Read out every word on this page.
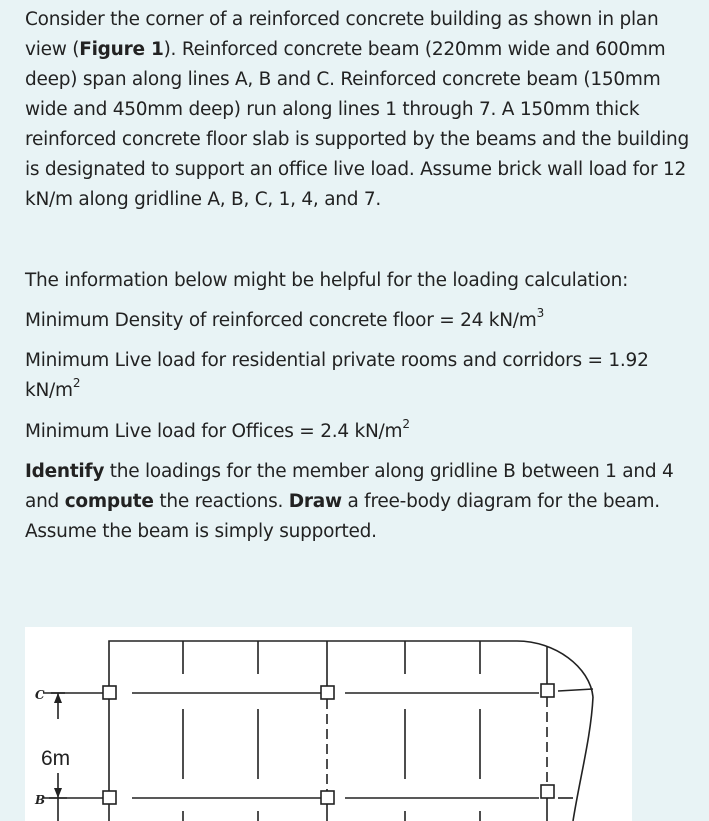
Consider the corner of a reinforced concrete building as shown in plan view (Figure 1). Reinforced concrete beam (220mm wide and 600mm deep) span along lines A, B and C. Reinforced concrete beam (150mm wide and 450mm deep) run along lines 1 through 7. A 150mm thick reinforced concrete floor slab is supported by the beams and the building is designated to support an office live load. Assume brick wall load for 12 kN/m along gridline A, B, C, 1, 4, and 7.

The information below might be helpful for the loading calculation:

Minimum Density of reinforced concrete floor = 24 $kN/m^3$

Minimum Live load for residential private rooms and corridors = 1.92 $kN/m^2$

Minimum Live load for Offices = 2.4 $kN/m^2$

Identify the loadings for the member along gridline B between 1 and 4 and compute the reactions. Draw a free-body diagram for the beam. Assume the beam is simply supported.

C
B
6m
